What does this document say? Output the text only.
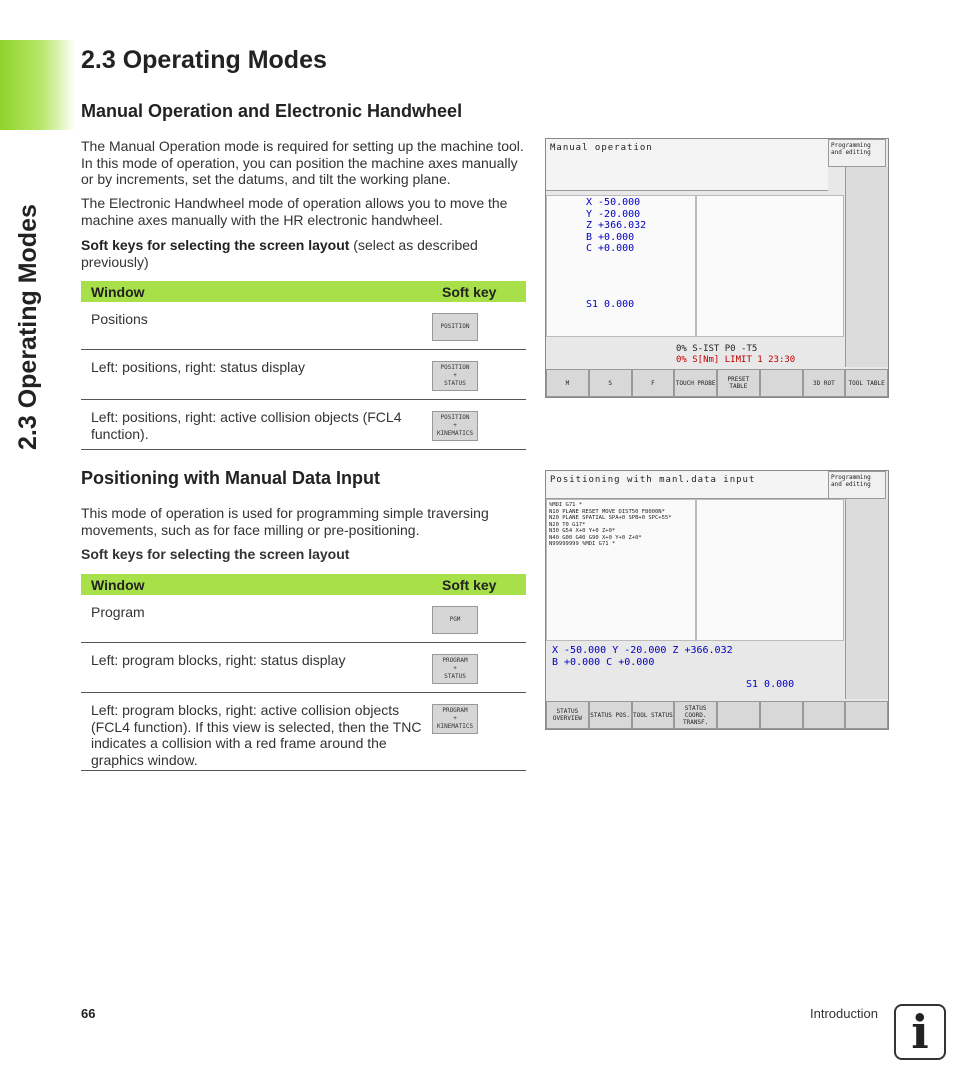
2.3 Operating Modes
2.3 Operating Modes
Manual Operation and Electronic Handwheel
The Manual Operation mode is required for setting up the machine tool. In this mode of operation, you can position the machine axes manually or by increments, set the datums, and tilt the working plane.
The Electronic Handwheel mode of operation allows you to move the machine axes manually with the HR electronic handwheel.
Soft keys for selecting the screen layout (select as described previously)
Window	Soft key
Positions	POSITION

Left: positions, right: status display	POSITION
+
STATUS

Left: positions, right: active collision objects (FCL4 function).	POSITION
+
KINEMATICS
Manual operation	Programming and editing
X -50.000
Y -20.000
Z +366.032
B +0.000
C +0.000
S1 0.000
0% S-IST P0 -T5
0% S[Nm] LIMIT 1 23:30
M	S	F	TOUCH PROBE	PRESET TABLE	3D ROT	TOOL TABLE
Positioning with Manual Data Input
This mode of operation is used for programming simple traversing movements, such as for face milling or pre-positioning.
Soft keys for selecting the screen layout
Window	Soft key
Program	PGM

Left: program blocks, right: status display	PROGRAM
+
STATUS

Left: program blocks, right: active collision objects (FCL4 function). If this view is selected, then the TNC indicates a collision with a red frame around the graphics window.	PROGRAM
+
KINEMATICS
Positioning with manl.data input	Programming and editing
%MDI G71 *
N10 PLANE RESET MOVE DIST50 F8000N*
N20 PLANE SPATIAL SPA+0 SPB+0 SPC+55*
N20 T0 G17*
N30 G54 X+0 Y+0 Z+0*
N40 G00 G40 G90 X+0 Y+0 Z+0*
N99999999 %MDI G71 *
X -50.000 Y -20.000 Z +366.032
B +0.000 C +0.000
S1 0.000
STATUS OVERVIEW	STATUS POS. TOOL STATUS
STATUS COORD. TRANSF.
66	Introduction i
